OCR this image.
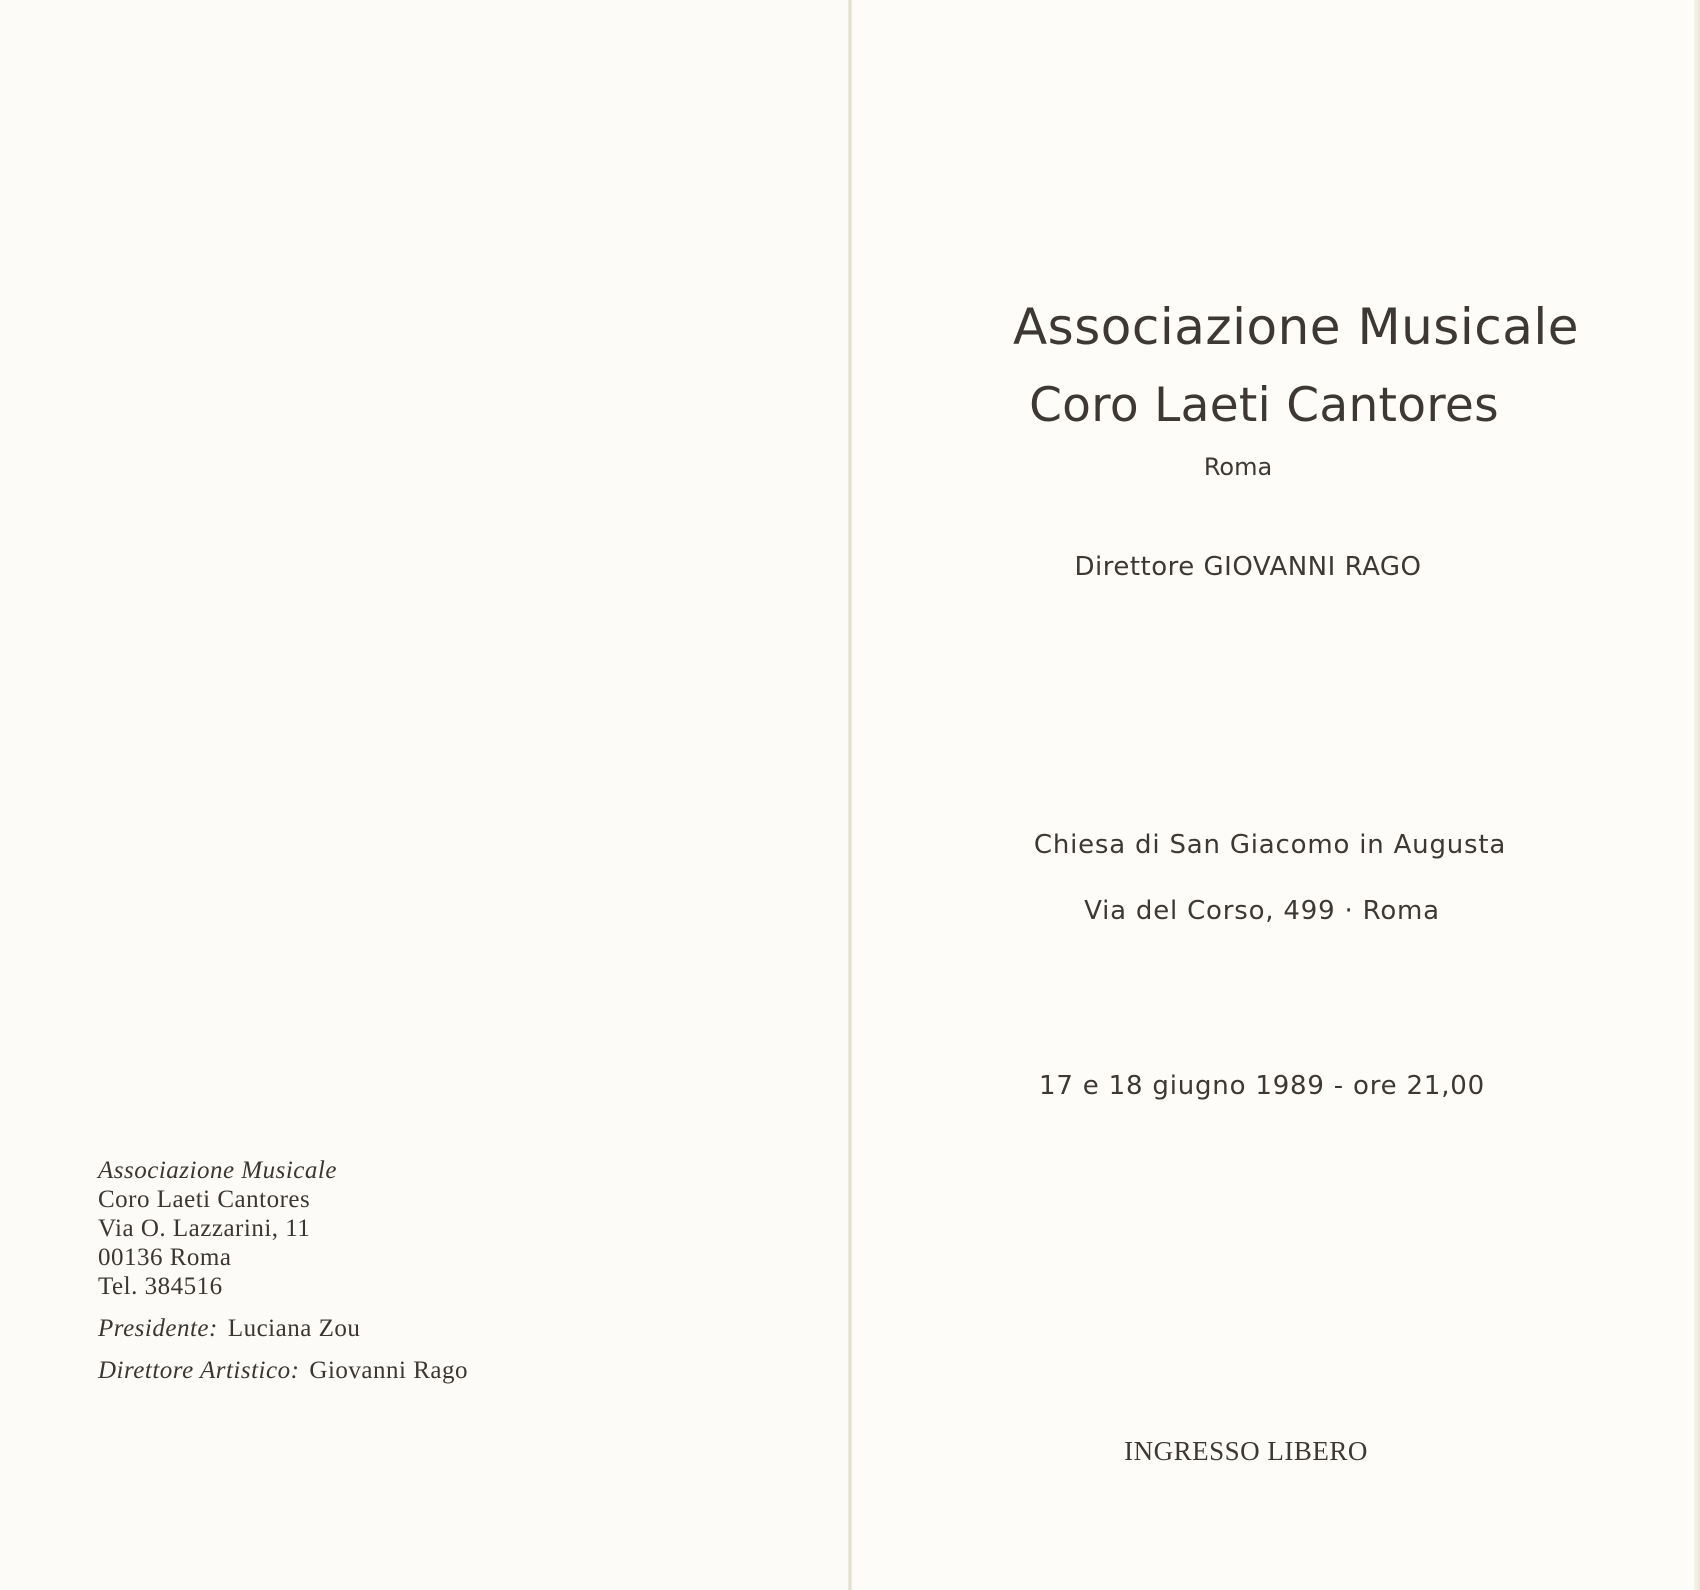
Associazione Musicale
Coro Laeti Cantores
Via O. Lazzarini, 11
00136 Roma
Tel. 384516
Presidente: Luciana Zou
Direttore Artistico: Giovanni Rago
Associazione Musicale
Coro Laeti Cantores
Roma
Direttore GIOVANNI RAGO
Chiesa di San Giacomo in Augusta
Via del Corso, 499 · Roma
17 e 18 giugno 1989 - ore 21,00
INGRESSO LIBERO
